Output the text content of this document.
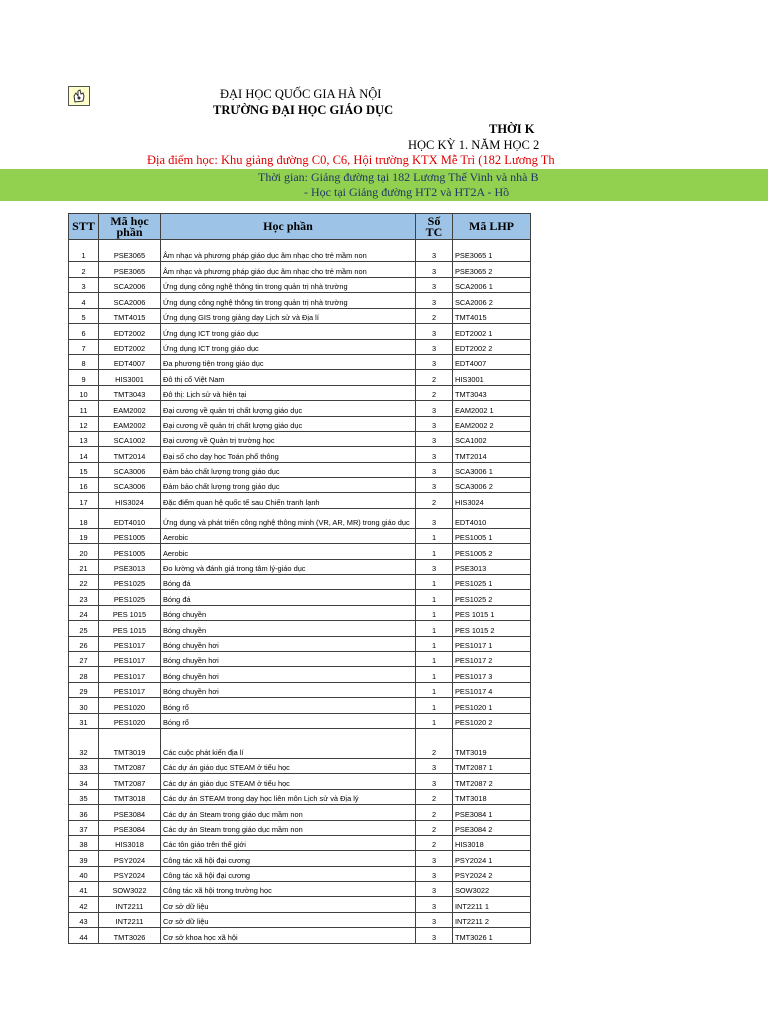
ĐẠI HỌC QUỐC GIA HÀ NỘI
TRƯỜNG ĐẠI HỌC GIÁO DỤC
THỜI K
HỌC KỲ 1. NĂM HỌC 2
Địa điểm học: Khu giảng đường C0, C6, Hội trường KTX Mễ Trì (182 Lương Th
Thời gian: Giảng đường tại 182 Lương Thế Vinh và nhà B
- Học tại Giảng đường HT2 và HT2A - Hồ
STT	Mã học phần	Học phần	Số TC	Mã LHP
1	PSE3065	Âm nhạc và phương pháp giáo dục âm nhạc cho trẻ mầm non	3	PSE3065 1
2	PSE3065	Âm nhạc và phương pháp giáo dục âm nhạc cho trẻ mầm non	3	PSE3065 2
3	SCA2006	Ứng dụng công nghệ thông tin trong quản trị nhà trường	3	SCA2006 1
4	SCA2006	Ứng dụng công nghệ thông tin trong quản trị nhà trường	3	SCA2006 2
5	TMT4015	Ứng dụng GIS trong giảng dạy Lịch sử và Địa lí	2	TMT4015
6	EDT2002	Ứng dụng ICT trong giáo dục	3	EDT2002 1
7	EDT2002	Ứng dụng ICT trong giáo dục	3	EDT2002 2
8	EDT4007	Đa phương tiện trong giáo dục	3	EDT4007
9	HIS3001	Đô thị cổ Việt Nam	2	HIS3001
10	TMT3043	Đô thị: Lịch sử và hiện tại	2	TMT3043
11	EAM2002	Đại cương về quản trị chất lượng giáo dục	3	EAM2002 1
12	EAM2002	Đại cương về quản trị chất lượng giáo dục	3	EAM2002 2
13	SCA1002	Đại cương về Quản trị trường học	3	SCA1002
14	TMT2014	Đại số cho dạy học Toán phổ thông	3	TMT2014
15	SCA3006	Đảm bảo chất lượng trong giáo dục	3	SCA3006 1
16	SCA3006	Đảm bảo chất lượng trong giáo dục	3	SCA3006 2
17	HIS3024	Đặc điểm quan hệ quốc tế sau Chiến tranh lạnh	2	HIS3024
18	EDT4010	Ứng dụng và phát triển công nghệ thông minh (VR, AR, MR) trong giáo dục	3	EDT4010
19	PES1005	Aerobic	1	PES1005 1
20	PES1005	Aerobic	1	PES1005 2
21	PSE3013	Đo lường và đánh giá trong tâm lý-giáo dục	3	PSE3013
22	PES1025	Bóng đá	1	PES1025 1
23	PES1025	Bóng đá	1	PES1025 2
24	PES 1015	Bóng chuyền	1	PES 1015 1
25	PES 1015	Bóng chuyền	1	PES 1015 2
26	PES1017	Bóng chuyền hơi	1	PES1017 1
27	PES1017	Bóng chuyền hơi	1	PES1017 2
28	PES1017	Bóng chuyền hơi	1	PES1017 3
29	PES1017	Bóng chuyền hơi	1	PES1017 4
30	PES1020	Bóng rổ	1	PES1020 1
31	PES1020	Bóng rổ	1	PES1020 2
32	TMT3019	Các cuộc phát kiến địa lí	2	TMT3019
33	TMT2087	Các dự án giáo dục STEAM ở tiểu học	3	TMT2087 1
34	TMT2087	Các dự án giáo dục STEAM ở tiểu học	3	TMT2087 2
35	TMT3018	Các dự án STEAM trong dạy học liên môn Lịch sử và Địa lý	2	TMT3018
36	PSE3084	Các dự án Steam trong giáo dục mầm non	2	PSE3084 1
37	PSE3084	Các dự án Steam trong giáo dục mầm non	2	PSE3084 2
38	HIS3018	Các tôn giáo trên thế giới	2	HIS3018
39	PSY2024	Công tác xã hội đại cương	3	PSY2024 1
40	PSY2024	Công tác xã hội đại cương	3	PSY2024 2
41	SOW3022	Công tác xã hội trong trường học	3	SOW3022
42	INT2211	Cơ sở dữ liệu	3	INT2211 1
43	INT2211	Cơ sở dữ liệu	3	INT2211 2
44	TMT3026	Cơ sở khoa học xã hội	3	TMT3026 1
